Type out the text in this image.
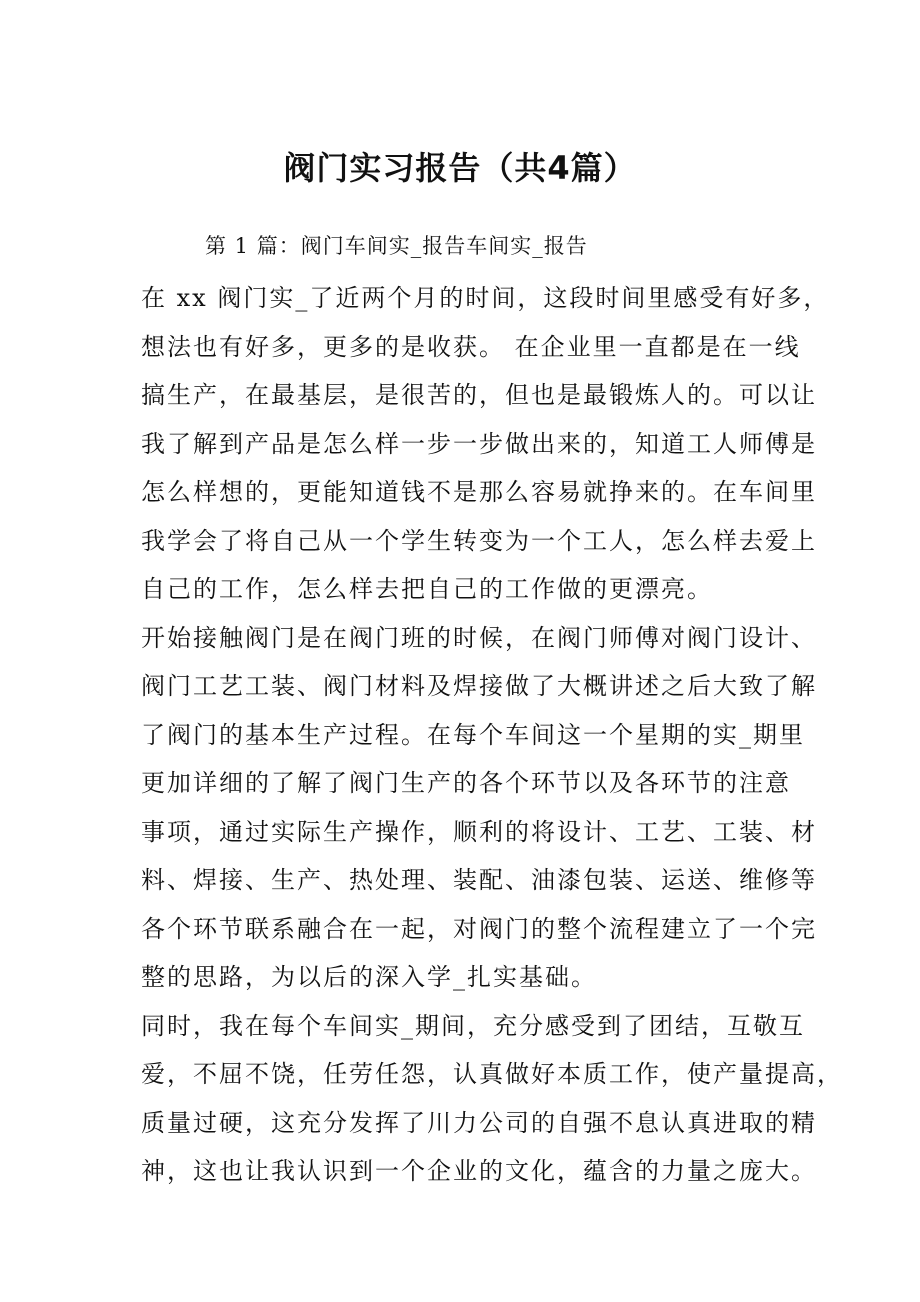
阀门实习报告（共4篇）

第 1 篇：阀门车间实_报告车间实_报告

在 xx 阀门实_了近两个月的时间，这段时间里感受有好多，

想法也有好多，更多的是收获。 在企业里一直都是在一线

搞生产，在最基层，是很苦的，但也是最锻炼人的。可以让

我了解到产品是怎么样一步一步做出来的，知道工人师傅是

怎么样想的，更能知道钱不是那么容易就挣来的。在车间里

我学会了将自己从一个学生转变为一个工人，怎么样去爱上

自己的工作，怎么样去把自己的工作做的更漂亮。

开始接触阀门是在阀门班的时候，在阀门师傅对阀门设计、

阀门工艺工装、阀门材料及焊接做了大概讲述之后大致了解

了阀门的基本生产过程。在每个车间这一个星期的实_期里

更加详细的了解了阀门生产的各个环节以及各环节的注意

事项，通过实际生产操作，顺利的将设计、工艺、工装、材

料、焊接、生产、热处理、装配、油漆包装、运送、维修等

各个环节联系融合在一起，对阀门的整个流程建立了一个完

整的思路，为以后的深入学_扎实基础。

同时，我在每个车间实_期间，充分感受到了团结，互敬互

爱，不屈不饶，任劳任怨，认真做好本质工作，使产量提高，

质量过硬，这充分发挥了川力公司的自强不息认真进取的精

神，这也让我认识到一个企业的文化，蕴含的力量之庞大。
